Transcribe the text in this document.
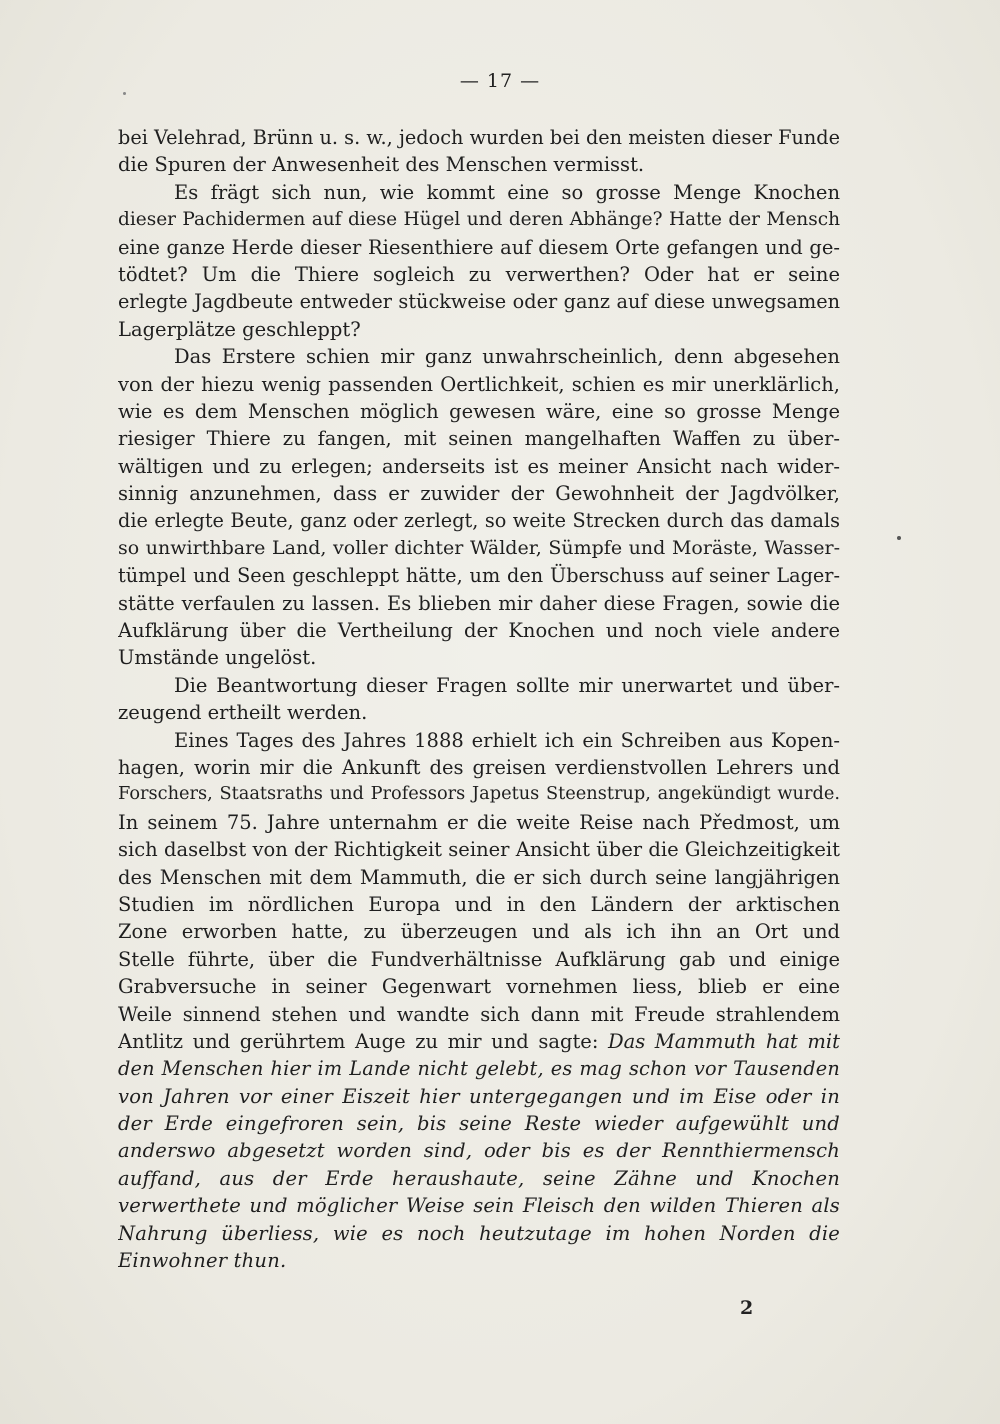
— 17 —
bei Velehrad, Brünn u. s. w., jedoch wurden bei den meisten dieser Funde
die Spuren der Anwesenheit des Menschen vermisst.
Es frägt sich nun, wie kommt eine so grosse Menge Knochen
dieser Pachidermen auf diese Hügel und deren Abhänge? Hatte der Mensch
eine ganze Herde dieser Riesenthiere auf diesem Orte gefangen und ge-
tödtet? Um die Thiere sogleich zu verwerthen? Oder hat er seine
erlegte Jagdbeute entweder stückweise oder ganz auf diese unwegsamen
Lagerplätze geschleppt?
Das Erstere schien mir ganz unwahrscheinlich, denn abgesehen
von der hiezu wenig passenden Oertlichkeit, schien es mir unerklärlich,
wie es dem Menschen möglich gewesen wäre, eine so grosse Menge
riesiger Thiere zu fangen, mit seinen mangelhaften Waffen zu über-
wältigen und zu erlegen; anderseits ist es meiner Ansicht nach wider-
sinnig anzunehmen, dass er zuwider der Gewohnheit der Jagdvölker,
die erlegte Beute, ganz oder zerlegt, so weite Strecken durch das damals
so unwirthbare Land, voller dichter Wälder, Sümpfe und Moräste, Wasser-
tümpel und Seen geschleppt hätte, um den Überschuss auf seiner Lager-
stätte verfaulen zu lassen. Es blieben mir daher diese Fragen, sowie die
Aufklärung über die Vertheilung der Knochen und noch viele andere
Umstände ungelöst.
Die Beantwortung dieser Fragen sollte mir unerwartet und über-
zeugend ertheilt werden.
Eines Tages des Jahres 1888 erhielt ich ein Schreiben aus Kopen-
hagen, worin mir die Ankunft des greisen verdienstvollen Lehrers und
Forschers, Staatsraths und Professors Japetus Steenstrup, angekündigt wurde.
In seinem 75. Jahre unternahm er die weite Reise nach Předmost, um
sich daselbst von der Richtigkeit seiner Ansicht über die Gleichzeitigkeit
des Menschen mit dem Mammuth, die er sich durch seine langjährigen
Studien im nördlichen Europa und in den Ländern der arktischen
Zone erworben hatte, zu überzeugen und als ich ihn an Ort und
Stelle führte, über die Fundverhältnisse Aufklärung gab und einige
Grabversuche in seiner Gegenwart vornehmen liess, blieb er eine
Weile sinnend stehen und wandte sich dann mit Freude strahlendem
Antlitz und gerührtem Auge zu mir und sagte: Das Mammuth hat mit
den Menschen hier im Lande nicht gelebt, es mag schon vor Tausenden
von Jahren vor einer Eiszeit hier untergegangen und im Eise oder in
der Erde eingefroren sein, bis seine Reste wieder aufgewühlt und
anderswo abgesetzt worden sind, oder bis es der Rennthiermensch
auffand, aus der Erde heraushaute, seine Zähne und Knochen
verwerthete und möglicher Weise sein Fleisch den wilden Thieren als
Nahrung überliess, wie es noch heutzutage im hohen Norden die
Einwohner thun.
2
